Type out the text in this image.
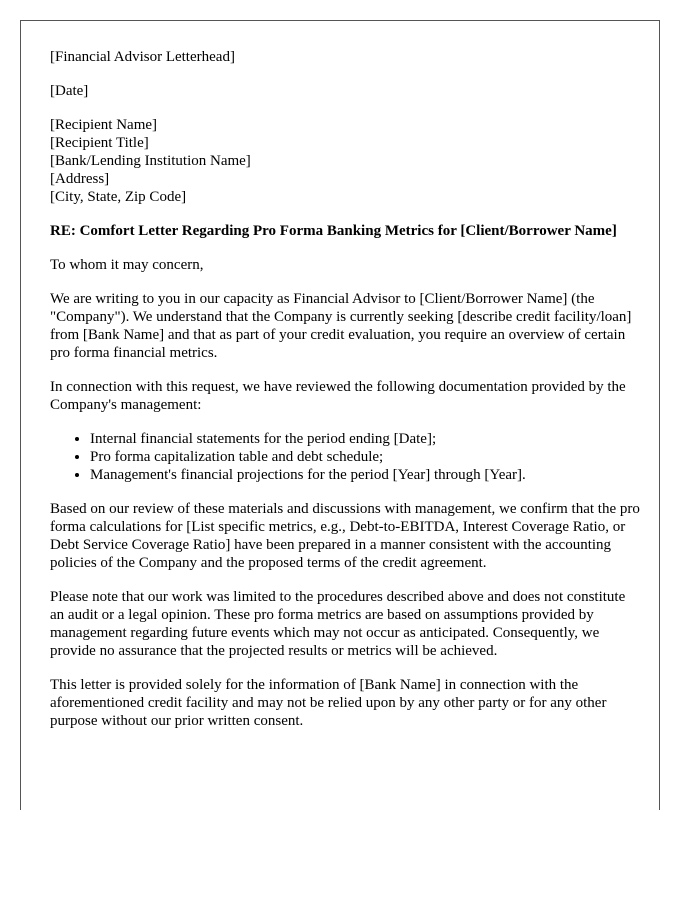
[Financial Advisor Letterhead]

[Date]

[Recipient Name]
[Recipient Title]
[Bank/Lending Institution Name]
[Address]
[City, State, Zip Code]

RE: Comfort Letter Regarding Pro Forma Banking Metrics for [Client/Borrower Name]

To whom it may concern,

We are writing to you in our capacity as Financial Advisor to [Client/Borrower Name] (the "Company"). We understand that the Company is currently seeking [describe credit facility/loan] from [Bank Name] and that as part of your credit evaluation, you require an overview of certain pro forma financial metrics.

In connection with this request, we have reviewed the following documentation provided by the Company's management:

• Internal financial statements for the period ending [Date];
• Pro forma capitalization table and debt schedule;
• Management's financial projections for the period [Year] through [Year].

Based on our review of these materials and discussions with management, we confirm that the pro forma calculations for [List specific metrics, e.g., Debt-to-EBITDA, Interest Coverage Ratio, or Debt Service Coverage Ratio] have been prepared in a manner consistent with the accounting policies of the Company and the proposed terms of the credit agreement.

Please note that our work was limited to the procedures described above and does not constitute an audit or a legal opinion. These pro forma metrics are based on assumptions provided by management regarding future events which may not occur as anticipated. Consequently, we provide no assurance that the projected results or metrics will be achieved.

This letter is provided solely for the information of [Bank Name] in connection with the aforementioned credit facility and may not be relied upon by any other party or for any other purpose without our prior written consent.
